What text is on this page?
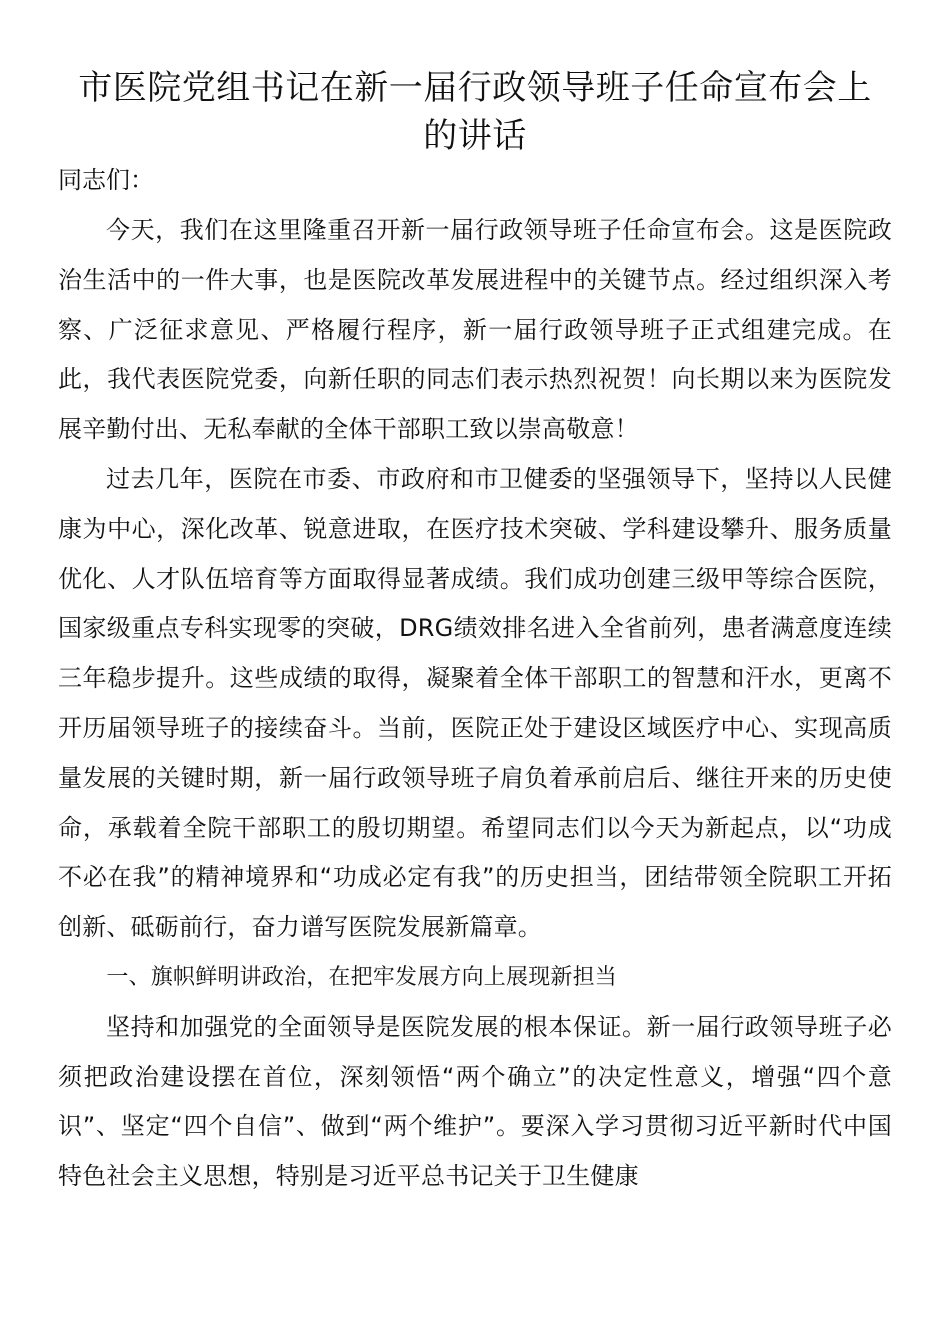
市医院党组书记在新一届行政领导班子任命宣布会上的讲话
同志们：

今天，我们在这里隆重召开新一届行政领导班子任命宣布会。这是医院政治生活中的一件大事，也是医院改革发展进程中的关键节点。经过组织深入考察、广泛征求意见、严格履行程序，新一届行政领导班子正式组建完成。在此，我代表医院党委，向新任职的同志们表示热烈祝贺！向长期以来为医院发展辛勤付出、无私奉献的全体干部职工致以崇高敬意！

过去几年，医院在市委、市政府和市卫健委的坚强领导下，坚持以人民健康为中心，深化改革、锐意进取，在医疗技术突破、学科建设攀升、服务质量优化、人才队伍培育等方面取得显著成绩。我们成功创建三级甲等综合医院，国家级重点专科实现零的突破，DRG绩效排名进入全省前列，患者满意度连续三年稳步提升。这些成绩的取得，凝聚着全体干部职工的智慧和汗水，更离不开历届领导班子的接续奋斗。当前，医院正处于建设区域医疗中心、实现高质量发展的关键时期，新一届行政领导班子肩负着承前启后、继往开来的历史使命，承载着全院干部职工的殷切期望。希望同志们以今天为新起点，以“功成不必在我”的精神境界和“功成必定有我”的历史担当，团结带领全院职工开拓创新、砥砺前行，奋力谱写医院发展新篇章。

一、旗帜鲜明讲政治，在把牢发展方向上展现新担当

坚持和加强党的全面领导是医院发展的根本保证。新一届行政领导班子必须把政治建设摆在首位，深刻领悟“两个确立”的决定性意义，增强“四个意识”、坚定“四个自信”、做到“两个维护”。要深入学习贯彻习近平新时代中国特色社会主义思想，特别是习近平总书记关于卫生健康
